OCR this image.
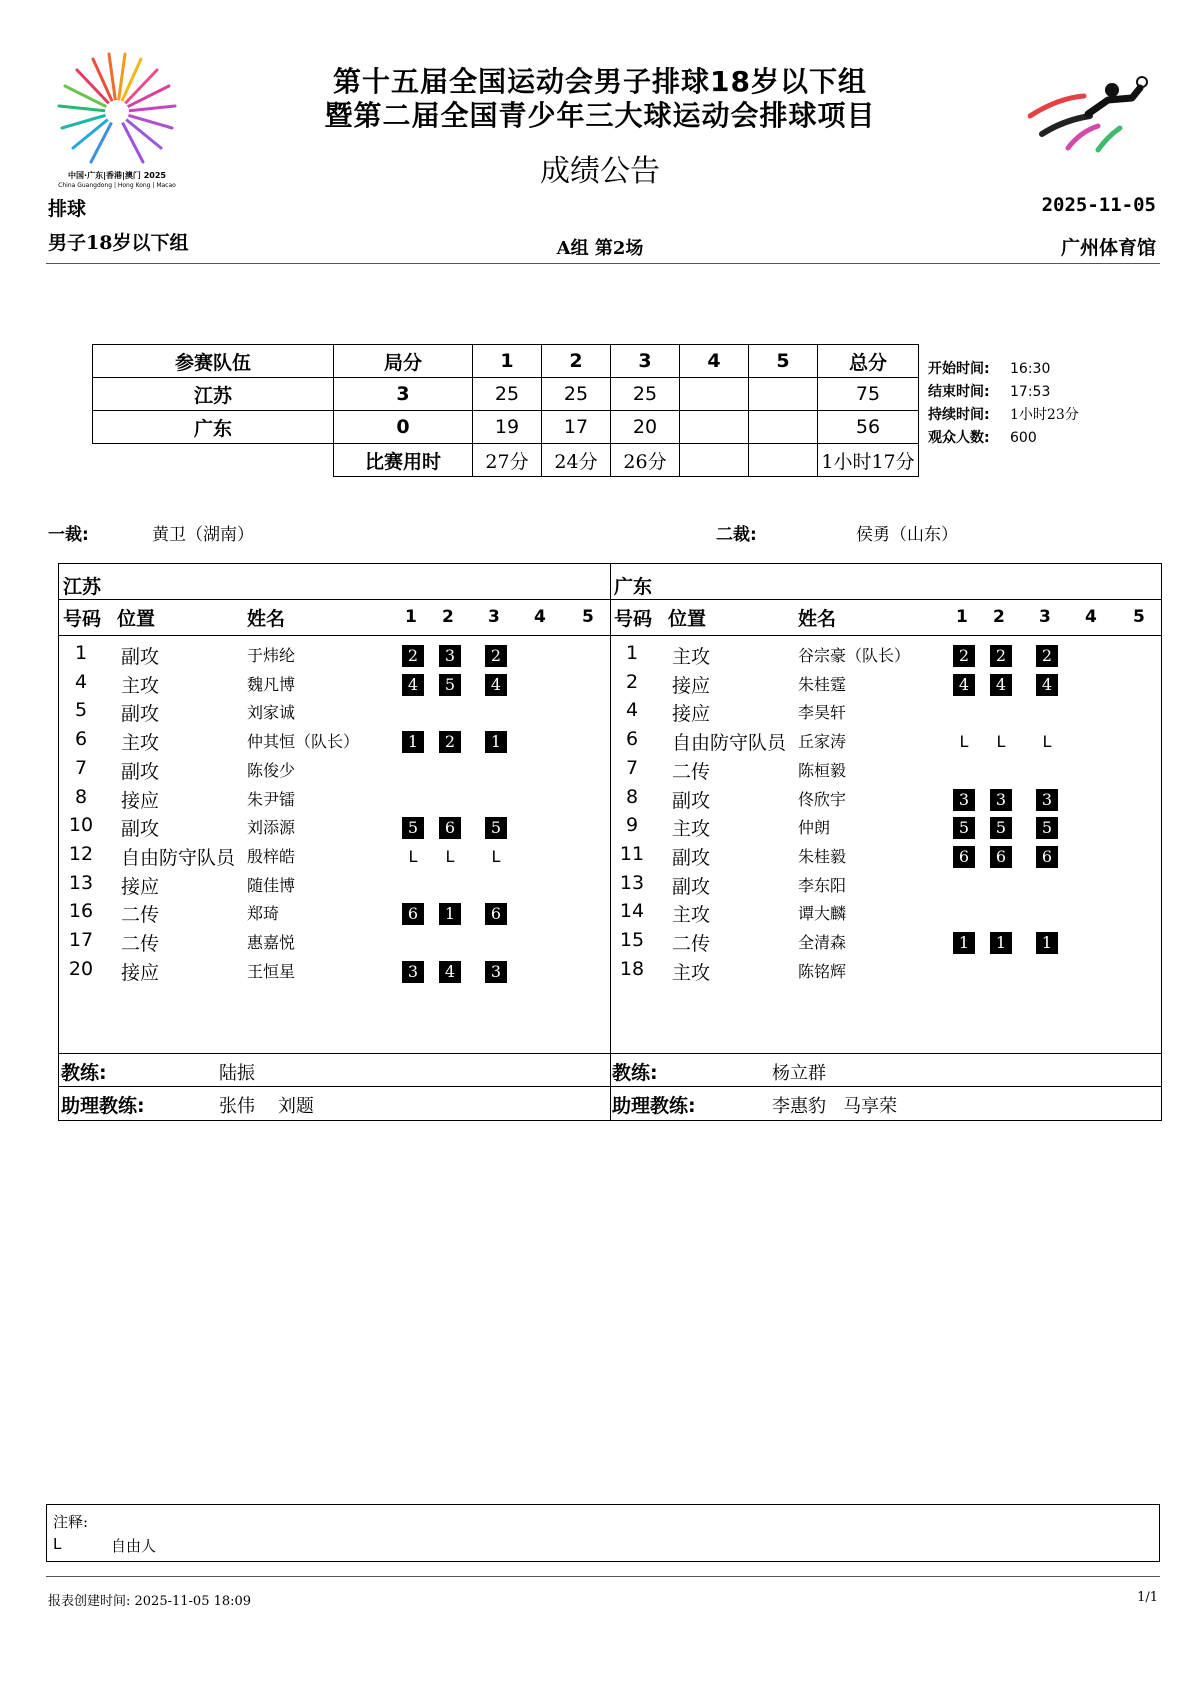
中国·广东|香港|澳门 2025
China Guangdong | Hong Kong | Macao
第十五届全国运动会男子排球18岁以下组
暨第二届全国青少年三大球运动会排球项目
成绩公告
排球	2025-11-05
男子18岁以下组	A组 第2场	广州体育馆
参赛队伍	局分	1	2	3	4	5	总分
江苏	3	25	25	25			75
广东	0	19	17	20			56
	比赛用时	27分	24分	26分			1小时17分
开始时间: 16:30
结束时间: 17:53
持续时间: 1小时23分
观众人数: 600
一裁:	黄卫（湖南）	二裁:	侯勇（山东）
江苏
号码 位置	姓名	1 2 3 4 5
1	副攻	于炜纶	2	3	2
4	主攻	魏凡博	4	5	4
5	副攻	刘家诚
6	主攻	仲其恒（队长）	1	2	1
7	副攻	陈俊少
8	接应	朱尹镭
10	副攻	刘添源	5	6	5
12	自由防守队员 殷梓皓	L	L	L
13	接应	随佳博
16	二传	郑琦	6	1	6
17	二传	惠嘉悦
20	接应	王恒星	3	4	3
教练:	陆振
助理教练:	张伟    刘题
广东
号码 位置	姓名	1 2 3 4 5
1	主攻	谷宗豪（队长）	2	2	2
2	接应	朱桂霆	4	4	4
4	接应	李昊轩
6	自由防守队员 丘家涛	L	L	L
7	二传	陈桓毅
8	副攻	佟欣宇	3	3	3
9	主攻	仲朗	5	5	5
11	副攻	朱桂毅	6	6	6
13	副攻	李东阳
14	主攻	谭大麟
15	二传	全清森	1	1	1
18	主攻	陈铭辉
教练:	杨立群
助理教练:	李惠豹   马享荣
注释:
L	自由人
报表创建时间: 2025-11-05 18:09	1/1
